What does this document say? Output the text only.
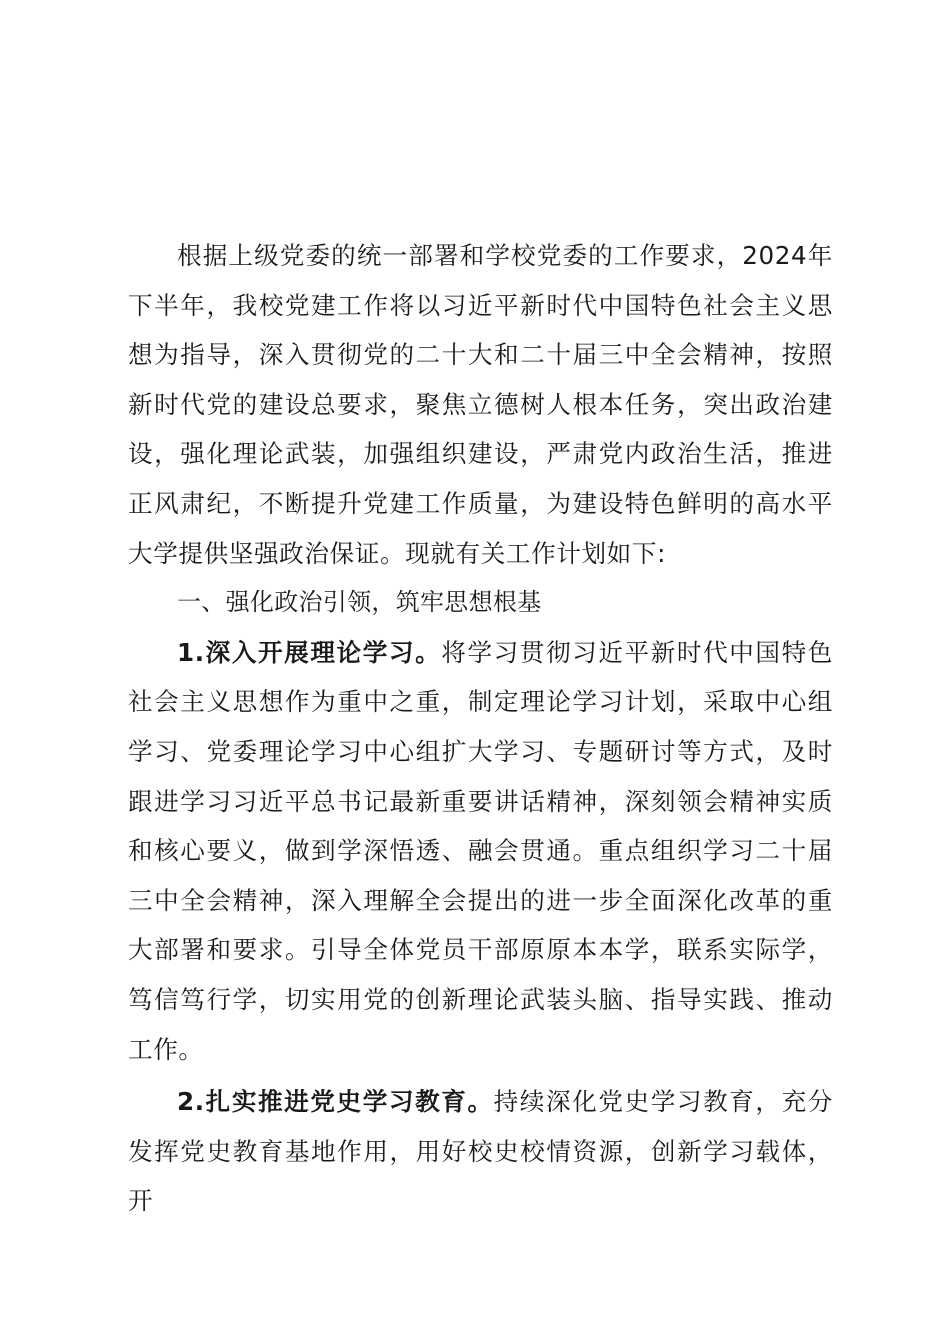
根据上级党委的统一部署和学校党委的工作要求，2024年下半年，我校党建工作将以习近平新时代中国特色社会主义思想为指导，深入贯彻党的二十大和二十届三中全会精神，按照新时代党的建设总要求，聚焦立德树人根本任务，突出政治建设，强化理论武装，加强组织建设，严肃党内政治生活，推进正风肃纪，不断提升党建工作质量，为建设特色鲜明的高水平大学提供坚强政治保证。现就有关工作计划如下:

一、强化政治引领，筑牢思想根基

1.深入开展理论学习。将学习贯彻习近平新时代中国特色社会主义思想作为重中之重，制定理论学习计划，采取中心组学习、党委理论学习中心组扩大学习、专题研讨等方式，及时跟进学习习近平总书记最新重要讲话精神，深刻领会精神实质和核心要义，做到学深悟透、融会贯通。重点组织学习二十届三中全会精神，深入理解全会提出的进一步全面深化改革的重大部署和要求。引导全体党员干部原原本本学，联系实际学，笃信笃行学，切实用党的创新理论武装头脑、指导实践、推动工作。

2.扎实推进党史学习教育。持续深化党史学习教育，充分发挥党史教育基地作用，用好校史校情资源，创新学习载体，开
